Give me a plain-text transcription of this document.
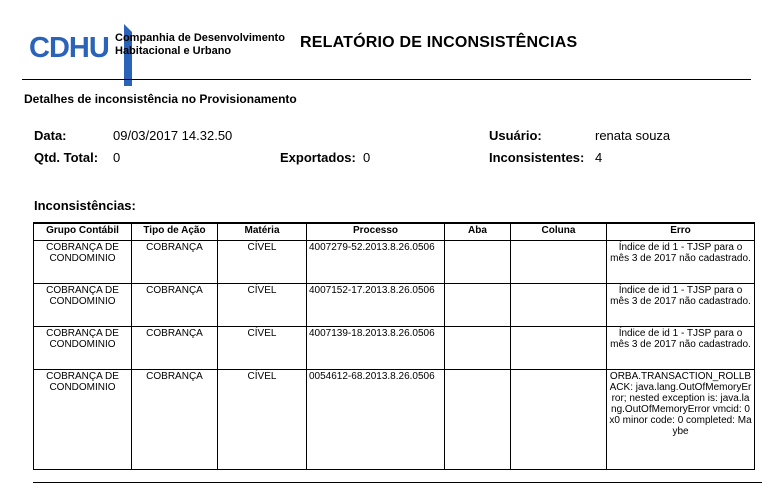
CDHU Companhia de Desenvolvimento
Habitacional e Urbano	RELATÓRIO DE INCONSISTÊNCIAS
Detalhes de inconsistência no Provisionamento
Data:	09/03/2017 14.32.50	Usuário:	renata souza
Qtd. Total: 0	Exportados: 0	Inconsistentes: 4
Inconsistências:
Grupo Contábil	Tipo de Ação	Matéria	Processo	Aba	Coluna	Erro
COBRANÇA DE CONDOMINIO	COBRANÇA	CÍVEL	4007279-52.2013.8.26.0506			Índice de id 1 - TJSP para o mês 3 de 2017 não cadastrado.
COBRANÇA DE CONDOMINIO	COBRANÇA	CÍVEL	4007152-17.2013.8.26.0506			Índice de id 1 - TJSP para o mês 3 de 2017 não cadastrado.
COBRANÇA DE CONDOMINIO	COBRANÇA	CÍVEL	4007139-18.2013.8.26.0506			Índice de id 1 - TJSP para o mês 3 de 2017 não cadastrado.
COBRANÇA DE CONDOMINIO	COBRANÇA	CÍVEL	0054612-68.2013.8.26.0506			ORBA.TRANSACTION_ROLLBACK: java.lang.OutOfMemoryError; nested exception is: java.lang.OutOfMemoryError vmcid: 0x0 minor code: 0 completed: Maybe
